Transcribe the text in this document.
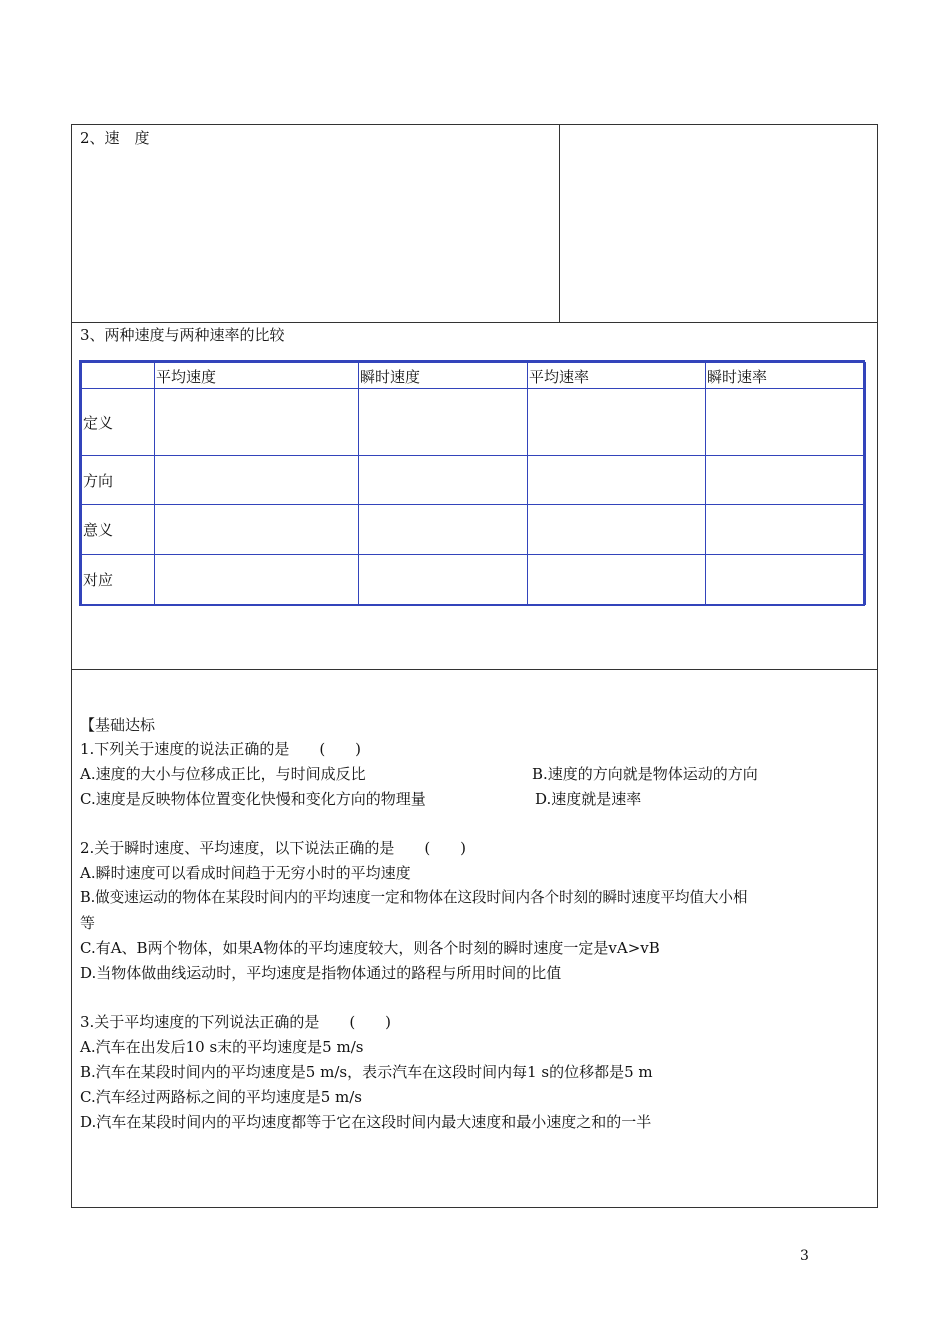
2、速　度
3、两种速度与两种速率的比较
	平均速度	瞬时速度	平均速率	瞬时速率
定义				
方向				
意义				
对应				
【基础达标
1.下列关于速度的说法正确的是　　(　　)
A.速度的大小与位移成正比，与时间成反比	B.速度的方向就是物体运动的方向
C.速度是反映物体位置变化快慢和变化方向的物理量	D.速度就是速率
2.关于瞬时速度、平均速度，以下说法正确的是　　(　　)
A.瞬时速度可以看成时间趋于无穷小时的平均速度
B.做变速运动的物体在某段时间内的平均速度一定和物体在这段时间内各个时刻的瞬时速度平均值大小相
等
C.有A、B两个物体，如果A物体的平均速度较大，则各个时刻的瞬时速度一定是vA>vB
D.当物体做曲线运动时，平均速度是指物体通过的路程与所用时间的比值
3.关于平均速度的下列说法正确的是　　(　　)
A.汽车在出发后10 s末的平均速度是5 m/s
B.汽车在某段时间内的平均速度是5 m/s，表示汽车在这段时间内每1 s的位移都是5 m
C.汽车经过两路标之间的平均速度是5 m/s
D.汽车在某段时间内的平均速度都等于它在这段时间内最大速度和最小速度之和的一半
3
